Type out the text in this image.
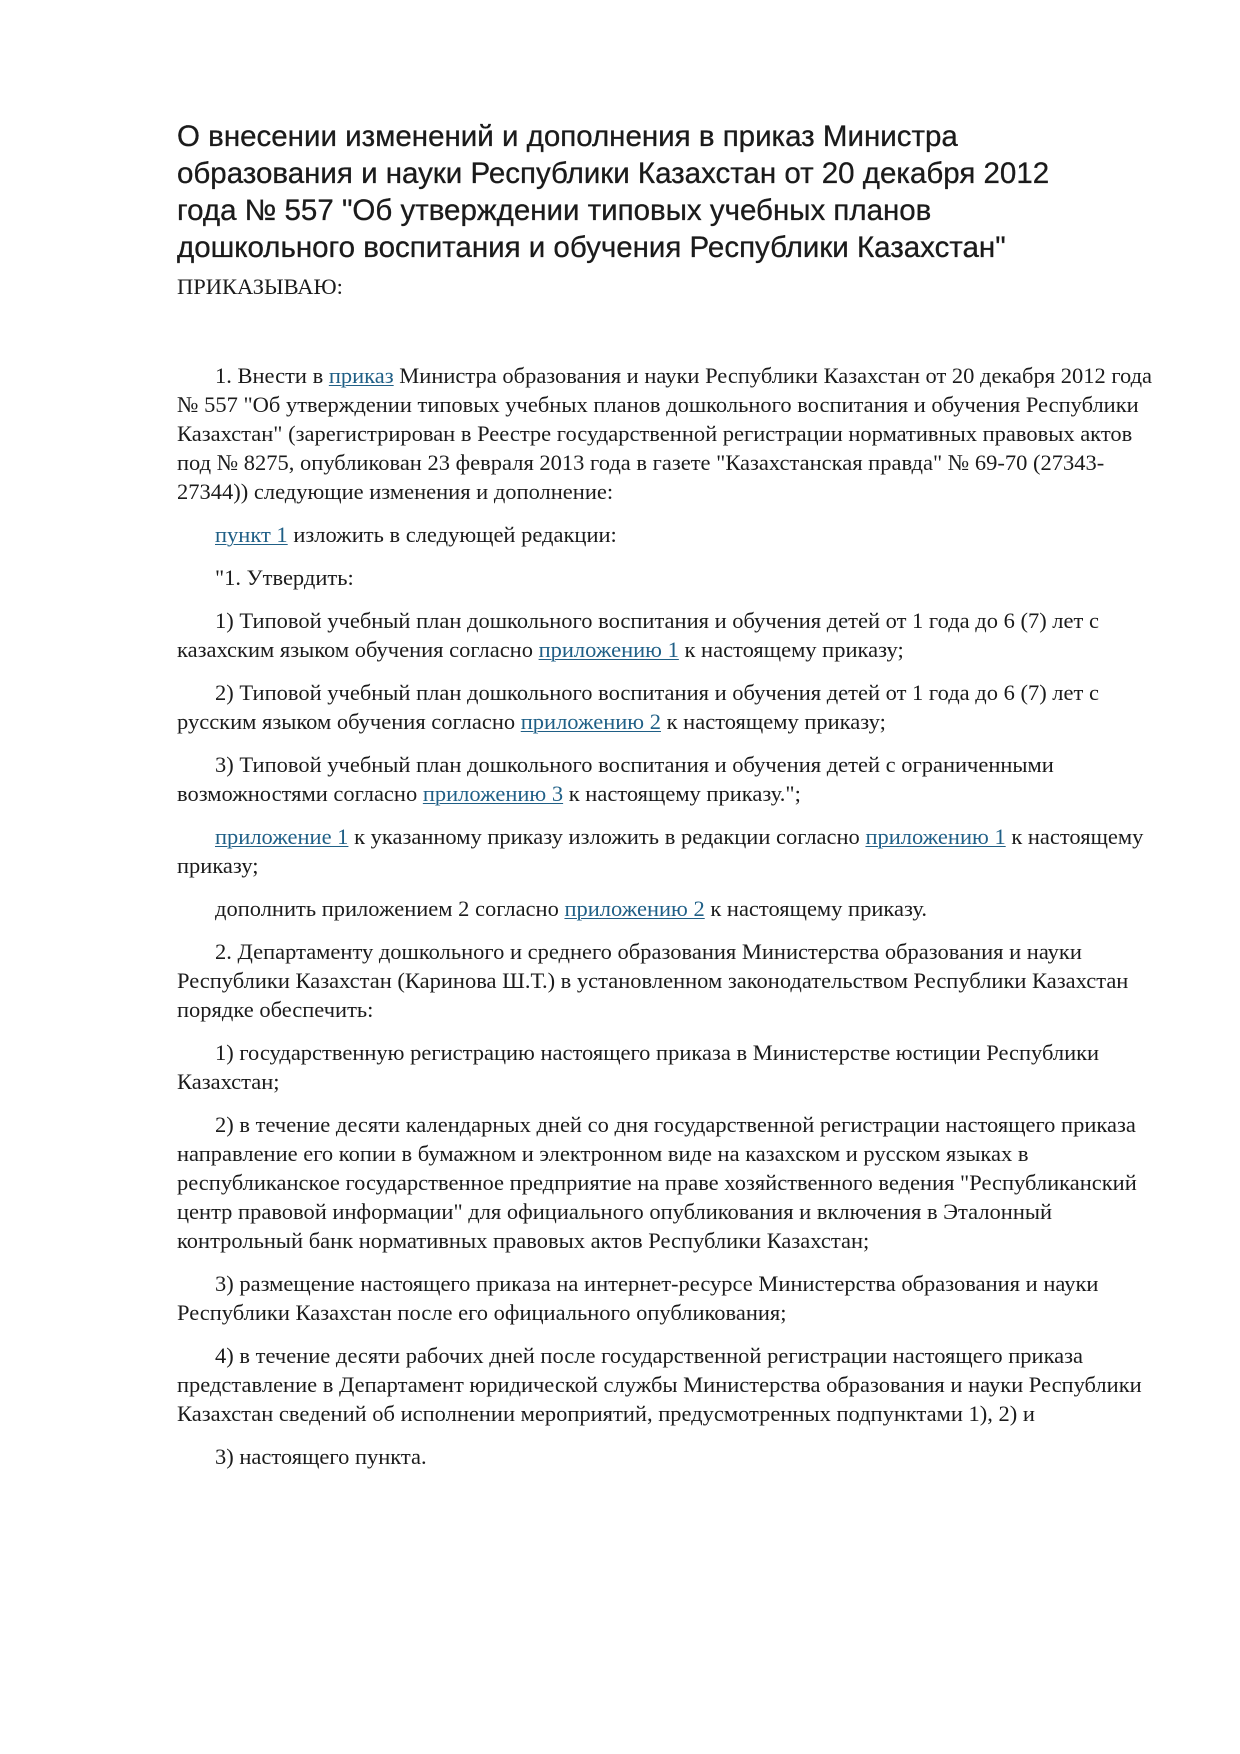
О внесении изменений и дополнения в приказ Министра
образования и науки Республики Казахстан от 20 декабря 2012
года № 557 "Об утверждении типовых учебных планов
дошкольного воспитания и обучения Республики Казахстан"

ПРИКАЗЫВАЮ:

1. Внести в приказ Министра образования и науки Республики Казахстан от 20 декабря 2012 года № 557 "Об утверждении типовых учебных планов дошкольного воспитания и обучения Республики Казахстан" (зарегистрирован в Реестре государственной регистрации нормативных правовых актов под № 8275, опубликован 23 февраля 2013 года в газете "Казахстанская правда" № 69-70 (27343-27344)) следующие изменения и дополнение:

пункт 1 изложить в следующей редакции:

"1. Утвердить:

1) Типовой учебный план дошкольного воспитания и обучения детей от 1 года до 6 (7) лет с казахским языком обучения согласно приложению 1 к настоящему приказу;

2) Типовой учебный план дошкольного воспитания и обучения детей от 1 года до 6 (7) лет с русским языком обучения согласно приложению 2 к настоящему приказу;

3) Типовой учебный план дошкольного воспитания и обучения детей с ограниченными возможностями согласно приложению 3 к настоящему приказу.";

приложение 1 к указанному приказу изложить в редакции согласно приложению 1 к настоящему приказу;

дополнить приложением 2 согласно приложению 2 к настоящему приказу.

2. Департаменту дошкольного и среднего образования Министерства образования и науки Республики Казахстан (Каринова Ш.Т.) в установленном законодательством Республики Казахстан порядке обеспечить:

1) государственную регистрацию настоящего приказа в Министерстве юстиции Республики Казахстан;

2) в течение десяти календарных дней со дня государственной регистрации настоящего приказа направление его копии в бумажном и электронном виде на казахском и русском языках в республиканское государственное предприятие на праве хозяйственного ведения "Республиканский центр правовой информации" для официального опубликования и включения в Эталонный контрольный банк нормативных правовых актов Республики Казахстан;

3) размещение настоящего приказа на интернет-ресурсе Министерства образования и науки Республики Казахстан после его официального опубликования;

4) в течение десяти рабочих дней после государственной регистрации настоящего приказа представление в Департамент юридической службы Министерства образования и науки Республики Казахстан сведений об исполнении мероприятий, предусмотренных подпунктами 1), 2) и

3) настоящего пункта.
